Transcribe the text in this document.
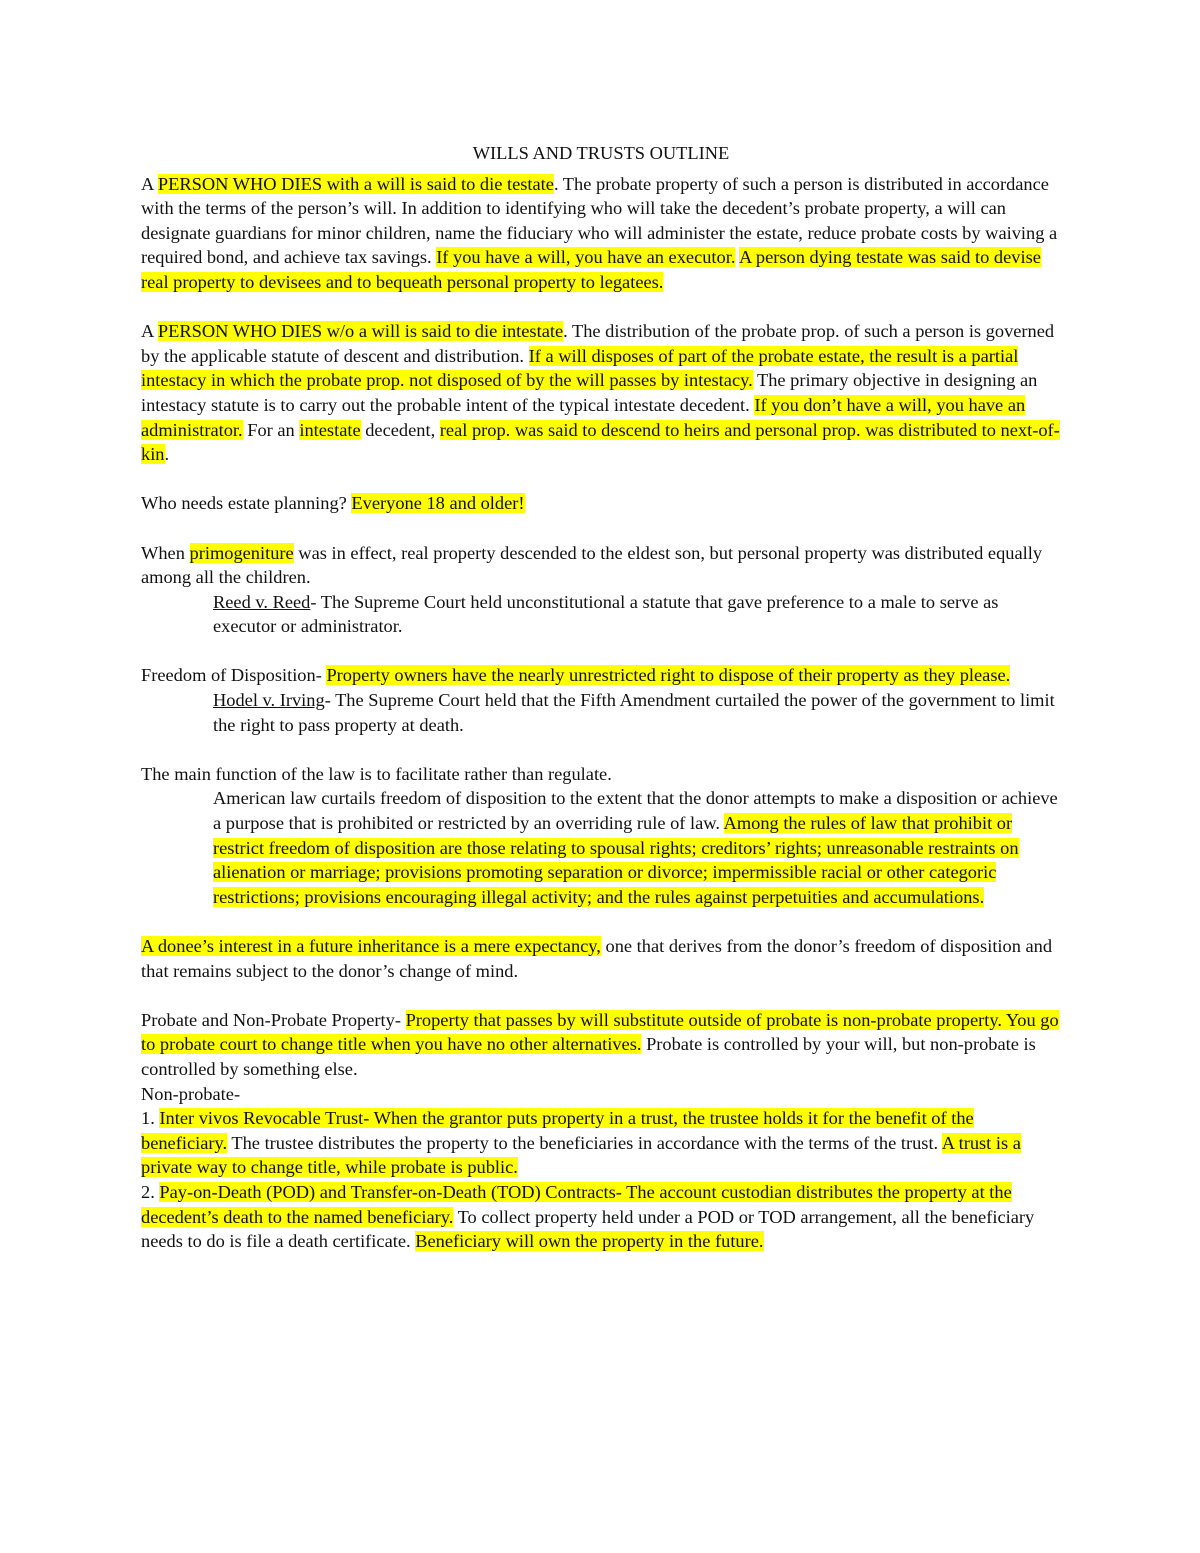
WILLS AND TRUSTS OUTLINE
A PERSON WHO DIES with a will is said to die testate. The probate property of such a person is distributed in accordance with the terms of the person’s will. In addition to identifying who will take the decedent’s probate property, a will can designate guardians for minor children, name the fiduciary who will administer the estate, reduce probate costs by waiving a required bond, and achieve tax savings. If you have a will, you have an executor. A person dying testate was said to devise real property to devisees and to bequeath personal property to legatees.
A PERSON WHO DIES w/o a will is said to die intestate. The distribution of the probate prop. of such a person is governed by the applicable statute of descent and distribution. If a will disposes of part of the probate estate, the result is a partial intestacy in which the probate prop. not disposed of by the will passes by intestacy. The primary objective in designing an intestacy statute is to carry out the probable intent of the typical intestate decedent. If you don’t have a will, you have an administrator. For an intestate decedent, real prop. was said to descend to heirs and personal prop. was distributed to next-of-kin.
Who needs estate planning? Everyone 18 and older!
When primogeniture was in effect, real property descended to the eldest son, but personal property was distributed equally among all the children.
Reed v. Reed- The Supreme Court held unconstitutional a statute that gave preference to a male to serve as executor or administrator.
Freedom of Disposition- Property owners have the nearly unrestricted right to dispose of their property as they please.
Hodel v. Irving- The Supreme Court held that the Fifth Amendment curtailed the power of the government to limit the right to pass property at death.
The main function of the law is to facilitate rather than regulate.
American law curtails freedom of disposition to the extent that the donor attempts to make a disposition or achieve a purpose that is prohibited or restricted by an overriding rule of law. Among the rules of law that prohibit or restrict freedom of disposition are those relating to spousal rights; creditors’ rights; unreasonable restraints on alienation or marriage; provisions promoting separation or divorce; impermissible racial or other categoric restrictions; provisions encouraging illegal activity; and the rules against perpetuities and accumulations.
A donee’s interest in a future inheritance is a mere expectancy, one that derives from the donor’s freedom of disposition and that remains subject to the donor’s change of mind.
Probate and Non-Probate Property- Property that passes by will substitute outside of probate is non-probate property. You go to probate court to change title when you have no other alternatives. Probate is controlled by your will, but non-probate is controlled by something else.
Non-probate-
1. Inter vivos Revocable Trust- When the grantor puts property in a trust, the trustee holds it for the benefit of the beneficiary. The trustee distributes the property to the beneficiaries in accordance with the terms of the trust. A trust is a private way to change title, while probate is public.
2. Pay-on-Death (POD) and Transfer-on-Death (TOD) Contracts- The account custodian distributes the property at the decedent’s death to the named beneficiary. To collect property held under a POD or TOD arrangement, all the beneficiary needs to do is file a death certificate. Beneficiary will own the property in the future.
